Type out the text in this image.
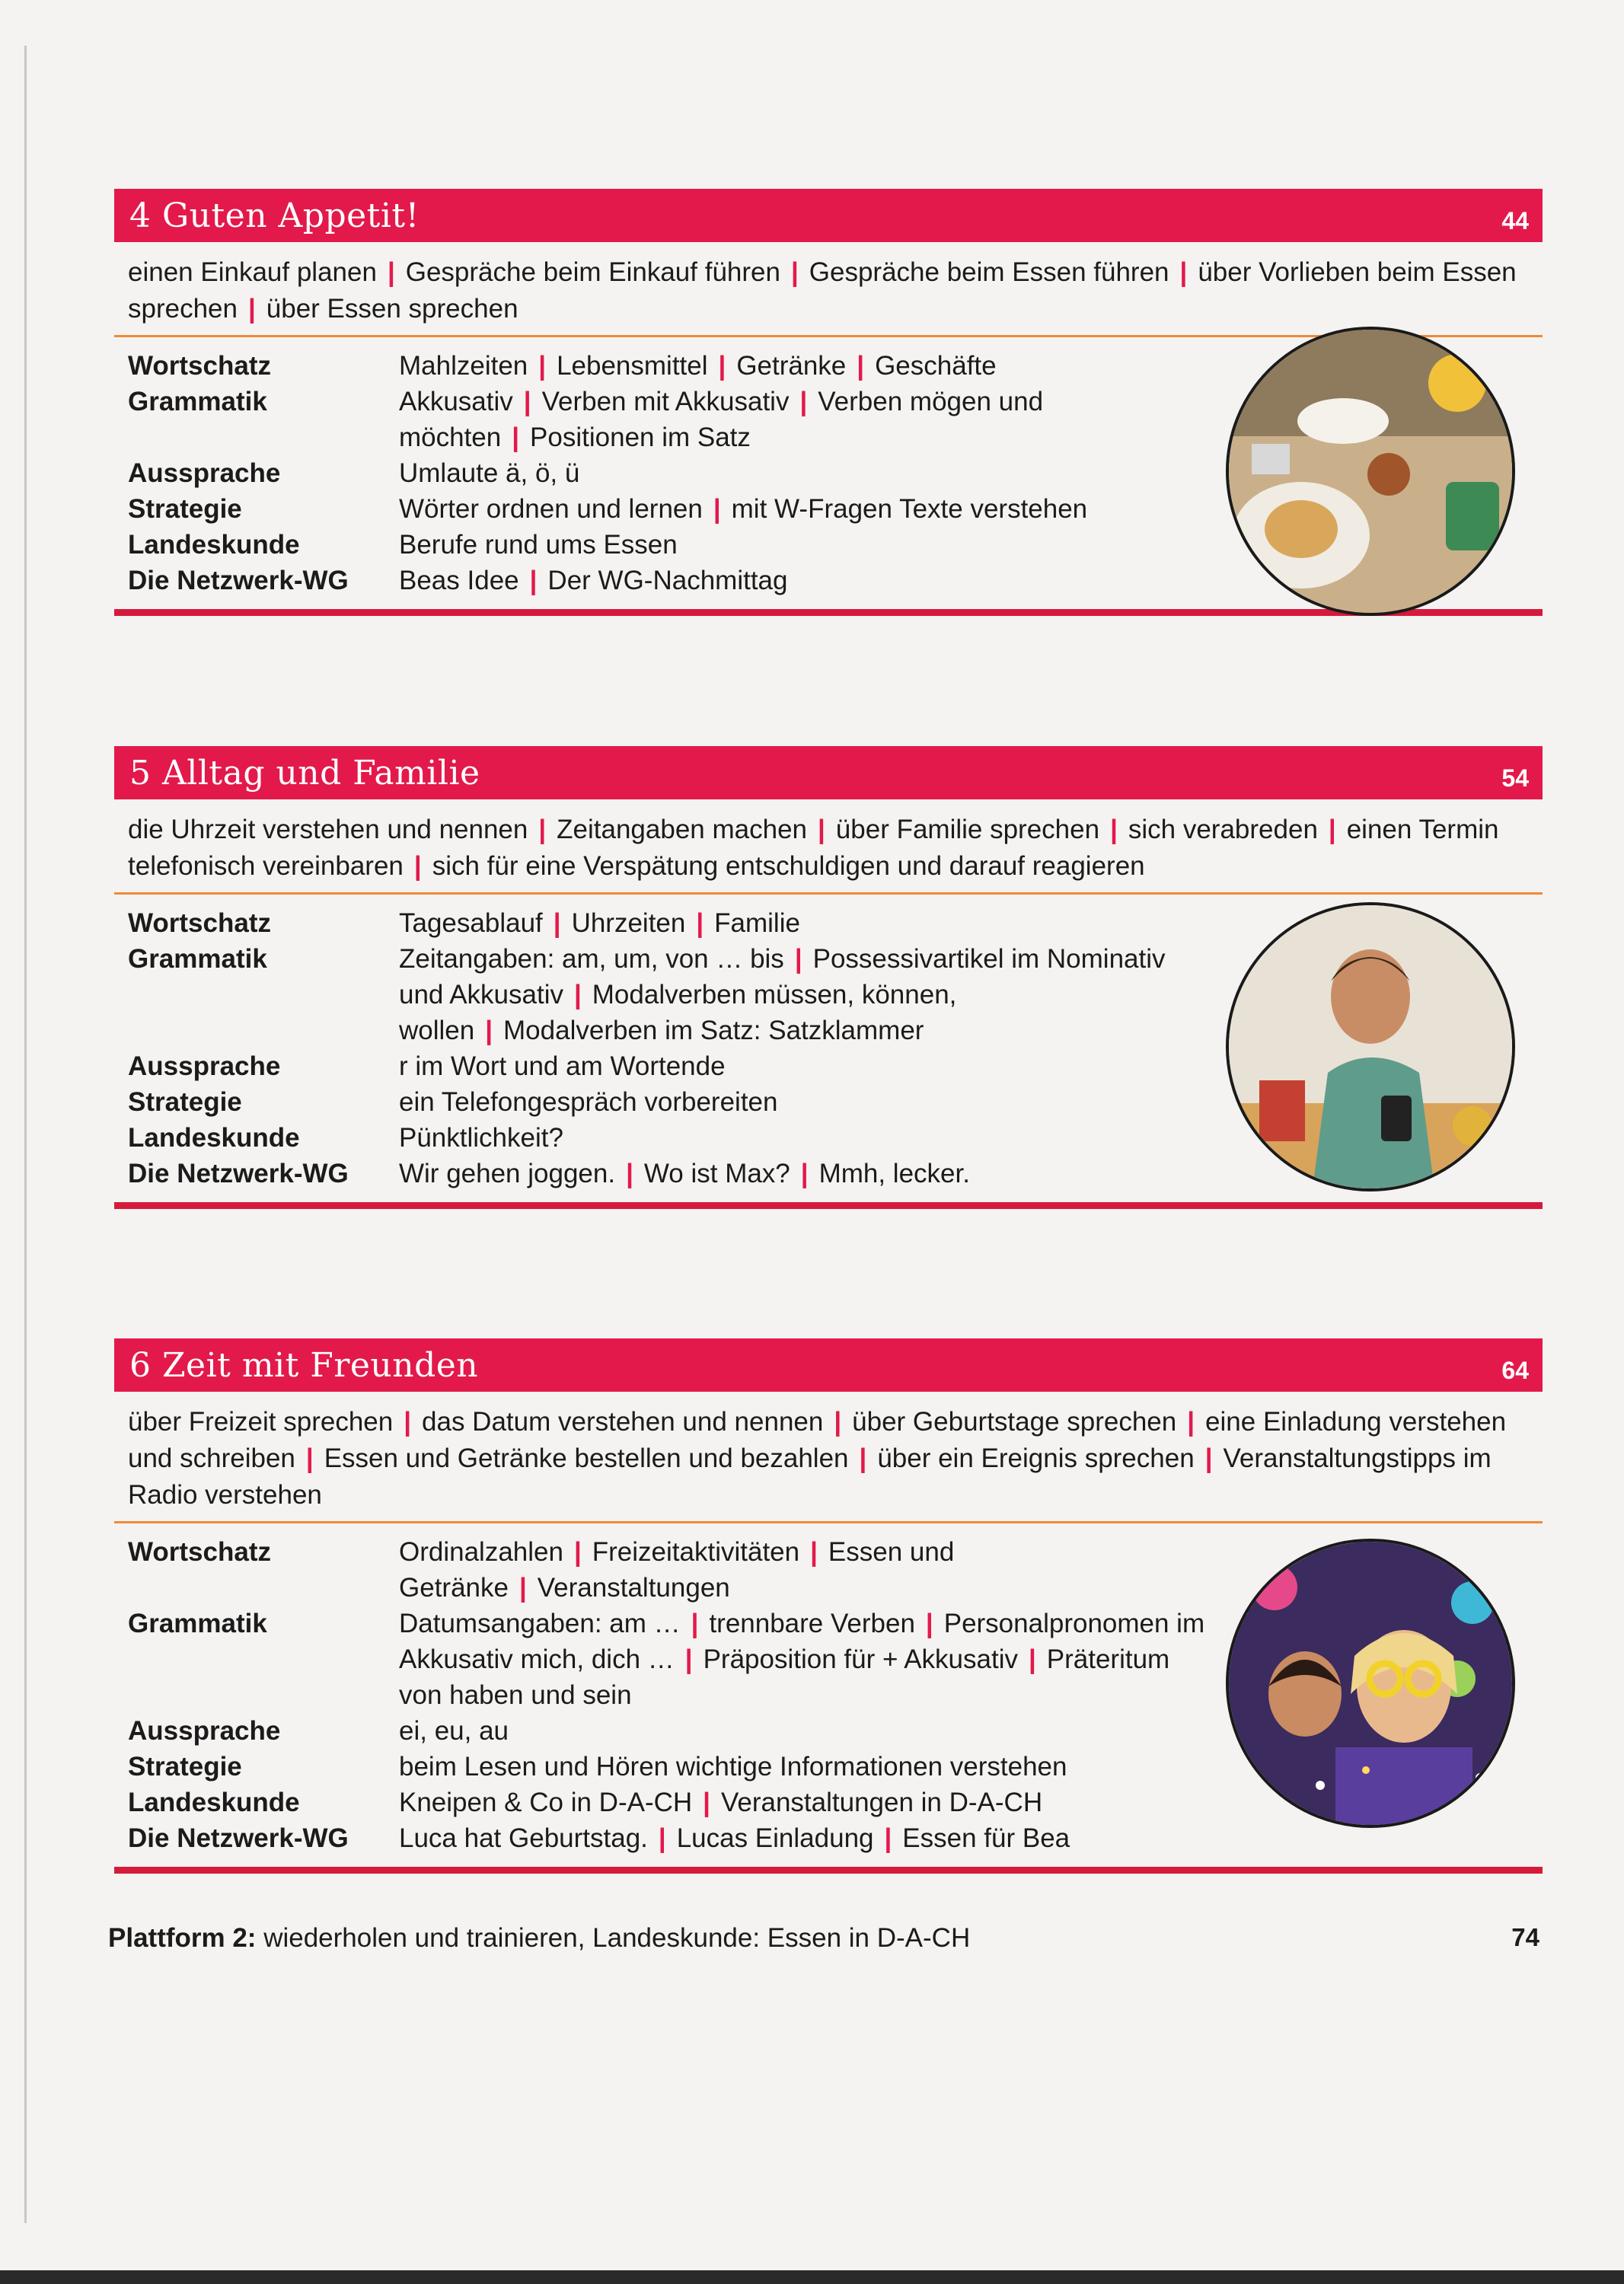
4 Guten Appetit!	44
einen Einkauf planen | Gespräche beim Einkauf führen | Gespräche beim Essen führen | über Vorlieben beim Essen sprechen | über Essen sprechen
Wortschatz	Mahlzeiten | Lebensmittel | Getränke | Geschäfte
Grammatik	Akkusativ | Verben mit Akkusativ | Verben mögen und möchten | Positionen im Satz
Aussprache	Umlaute ä, ö, ü
Strategie	Wörter ordnen und lernen | mit W-Fragen Texte verstehen
Landeskunde	Berufe rund ums Essen
Die Netzwerk-WG	Beas Idee | Der WG-Nachmittag
5 Alltag und Familie	54
die Uhrzeit verstehen und nennen | Zeitangaben machen | über Familie sprechen | sich verabreden | einen Termin telefonisch vereinbaren | sich für eine Verspätung entschuldigen und darauf reagieren
Wortschatz	Tagesablauf | Uhrzeiten | Familie
Grammatik	Zeitangaben: am, um, von … bis | Possessivartikel im Nominativ und Akkusativ | Modalverben müssen, können, wollen | Modalverben im Satz: Satzklammer
Aussprache	r im Wort und am Wortende
Strategie	ein Telefongespräch vorbereiten
Landeskunde	Pünktlichkeit?
Die Netzwerk-WG	Wir gehen joggen. | Wo ist Max? | Mmh, lecker.
6 Zeit mit Freunden	64
über Freizeit sprechen | das Datum verstehen und nennen | über Geburtstage sprechen | eine Einladung verstehen und schreiben | Essen und Getränke bestellen und bezahlen | über ein Ereignis sprechen | Veranstaltungstipps im Radio verstehen
Wortschatz	Ordinalzahlen | Freizeitaktivitäten | Essen und Getränke | Veranstaltungen
Grammatik	Datumsangaben: am … | trennbare Verben | Personalpronomen im Akkusativ mich, dich … | Präposition für + Akkusativ | Präteritum von haben und sein
Aussprache	ei, eu, au
Strategie	beim Lesen und Hören wichtige Informationen verstehen
Landeskunde	Kneipen & Co in D-A-CH | Veranstaltungen in D-A-CH
Die Netzwerk-WG	Luca hat Geburtstag. | Lucas Einladung | Essen für Bea
Plattform 2: wiederholen und trainieren, Landeskunde: Essen in D-A-CH	74
